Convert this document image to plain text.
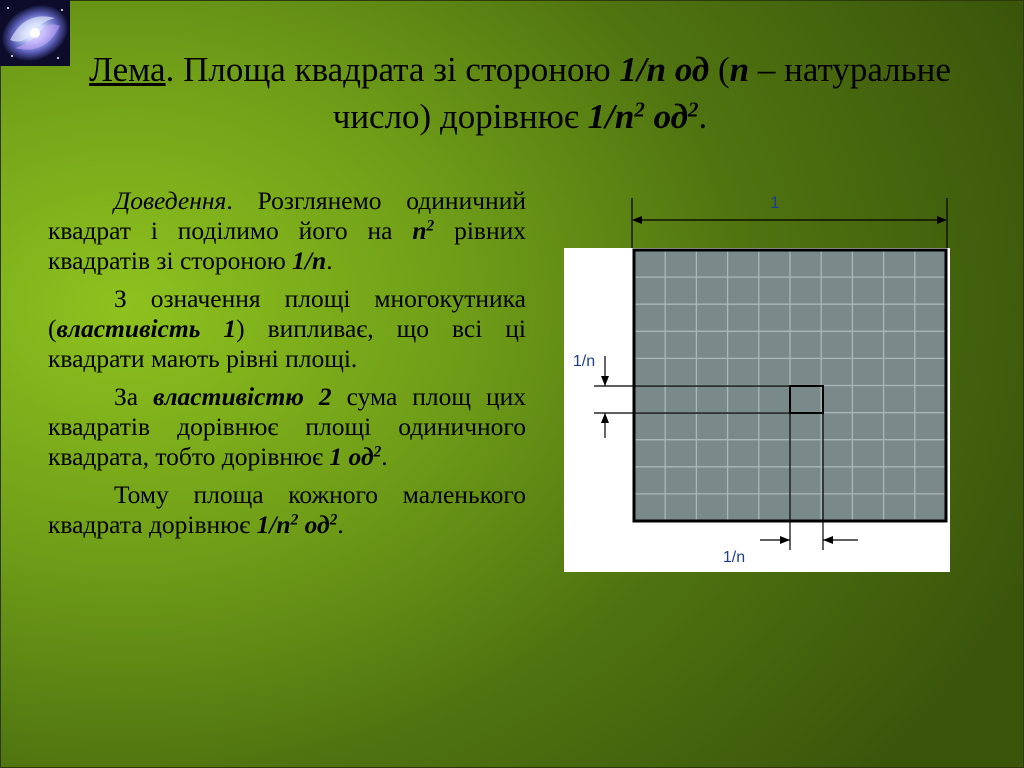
Лема. Площа квадрата зі стороною 1/n од (n – натуральне число) дорівнює $1/n^2$ $од^2$.

Доведення. Розглянемо одиничний квадрат і поділимо його на $n^2$ рівних квадратів зі стороною 1/n.

З означення площі многокутника (властивість 1) випливає, що всі ці квадрати мають рівні площі.

За властивістю 2 сума площ цих квадратів дорівнює площі одиничного квадрата, тобто дорівнює 1 $од^2$.

Тому площа кожного маленького квадрата дорівнює $1/n^2$ $од^2$.

1
1/n
1/n
